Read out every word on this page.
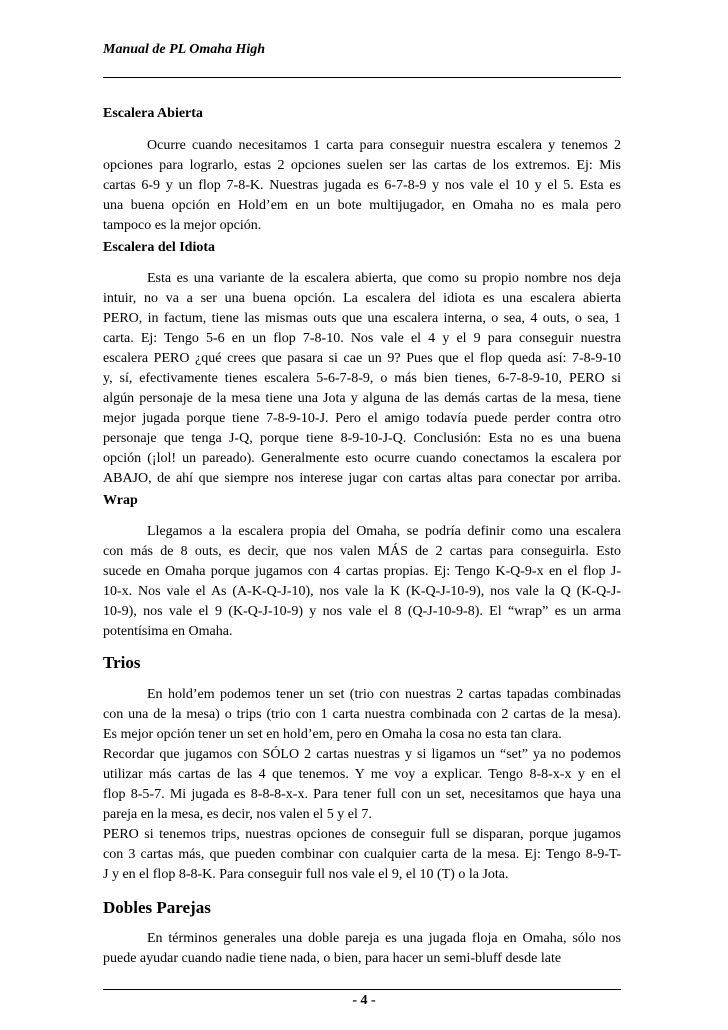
Manual de PL Omaha High
Escalera Abierta
Ocurre cuando necesitamos 1 carta para conseguir nuestra escalera y tenemos 2
opciones para lograrlo, estas 2 opciones suelen ser las cartas de los extremos. Ej: Mis
cartas 6-9 y un flop 7-8-K. Nuestras jugada es 6-7-8-9 y nos vale el 10 y el 5. Esta es
una buena opción en Hold’em en un bote multijugador, en Omaha no es mala pero
tampoco es la mejor opción.
Escalera del Idiota
Esta es una variante de la escalera abierta, que como su propio nombre nos deja
intuir, no va a ser una buena opción. La escalera del idiota es una escalera abierta
PERO, in factum, tiene las mismas outs que una escalera interna, o sea, 4 outs, o sea, 1
carta. Ej: Tengo 5-6 en un flop 7-8-10. Nos vale el 4 y el 9 para conseguir nuestra
escalera PERO ¿qué crees que pasara si cae un 9? Pues que el flop queda así: 7-8-9-10
y, sí, efectivamente tienes escalera 5-6-7-8-9, o más bien tienes, 6-7-8-9-10, PERO si
algún personaje de la mesa tiene una Jota y alguna de las demás cartas de la mesa, tiene
mejor jugada porque tiene 7-8-9-10-J. Pero el amigo todavía puede perder contra otro
personaje que tenga J-Q, porque tiene 8-9-10-J-Q. Conclusión: Esta no es una buena
opción (¡lol! un pareado). Generalmente esto ocurre cuando conectamos la escalera por
ABAJO, de ahí que siempre nos interese jugar con cartas altas para conectar por arriba.
Wrap
Llegamos a la escalera propia del Omaha, se podría definir como una escalera
con más de 8 outs, es decir, que nos valen MÁS de 2 cartas para conseguirla. Esto
sucede en Omaha porque jugamos con 4 cartas propias. Ej: Tengo K-Q-9-x en el flop J-
10-x. Nos vale el As (A-K-Q-J-10), nos vale la K (K-Q-J-10-9), nos vale la Q (K-Q-J-
10-9), nos vale el 9 (K-Q-J-10-9) y nos vale el 8 (Q-J-10-9-8). El “wrap” es un arma
potentísima en Omaha.
Trios
En hold’em podemos tener un set (trio con nuestras 2 cartas tapadas combinadas
con una de la mesa) o trips (trio con 1 carta nuestra combinada con 2 cartas de la mesa).
Es mejor opción tener un set en hold’em, pero en Omaha la cosa no esta tan clara.
Recordar que jugamos con SÓLO 2 cartas nuestras y si ligamos un “set” ya no podemos
utilizar más cartas de las 4 que tenemos. Y me voy a explicar. Tengo 8-8-x-x y en el
flop 8-5-7. Mi jugada es 8-8-8-x-x. Para tener full con un set, necesitamos que haya una
pareja en la mesa, es decir, nos valen el 5 y el 7.
PERO si tenemos trips, nuestras opciones de conseguir full se disparan, porque jugamos
con 3 cartas más, que pueden combinar con cualquier carta de la mesa. Ej: Tengo 8-9-T-
J y en el flop 8-8-K. Para conseguir full nos vale el 9, el 10 (T) o la Jota.
Dobles Parejas
En términos generales una doble pareja es una jugada floja en Omaha, sólo nos
puede ayudar cuando nadie tiene nada, o bien, para hacer un semi-bluff desde late
- 4 -
